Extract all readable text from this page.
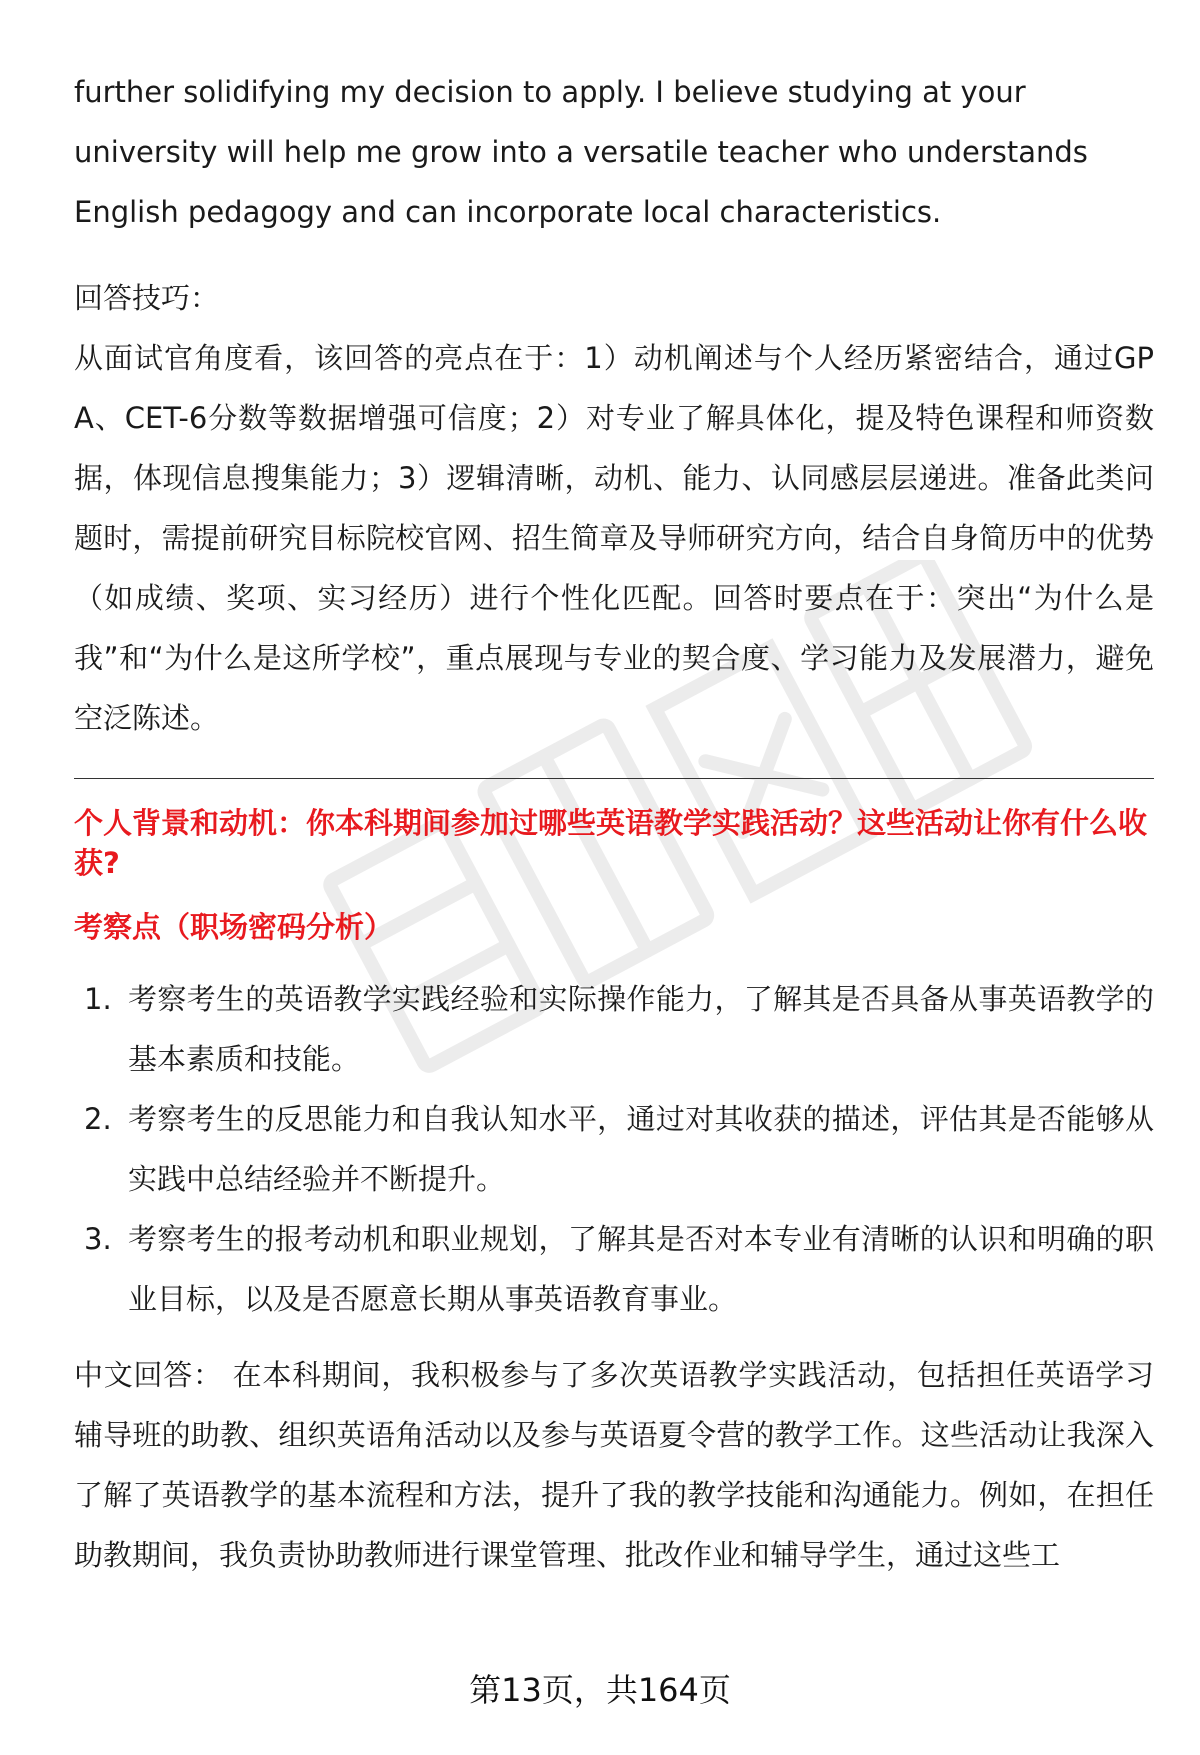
further solidifying my decision to apply. I believe studying at your university will help me grow into a versatile teacher who understands English pedagogy and can incorporate local characteristics.

回答技巧：

从面试官角度看，该回答的亮点在于：1）动机阐述与个人经历紧密结合，通过GPA、CET-6分数等数据增强可信度；2）对专业了解具体化，提及特色课程和师资数据，体现信息搜集能力；3）逻辑清晰，动机、能力、认同感层层递进。准备此类问题时，需提前研究目标院校官网、招生简章及导师研究方向，结合自身简历中的优势（如成绩、奖项、实习经历）进行个性化匹配。回答时要点在于：突出“为什么是我”和“为什么是这所学校”，重点展现与专业的契合度、学习能力及发展潜力，避免空泛陈述。

个人背景和动机：你本科期间参加过哪些英语教学实践活动？这些活动让你有什么收获?

考察点（职场密码分析）

1. 考察考生的英语教学实践经验和实际操作能力，了解其是否具备从事英语教学的基本素质和技能。
2. 考察考生的反思能力和自我认知水平，通过对其收获的描述，评估其是否能够从实践中总结经验并不断提升。
3. 考察考生的报考动机和职业规划，了解其是否对本专业有清晰的认识和明确的职业目标，以及是否愿意长期从事英语教育事业。

中文回答： 在本科期间，我积极参与了多次英语教学实践活动，包括担任英语学习辅导班的助教、组织英语角活动以及参与英语夏令营的教学工作。这些活动让我深入了解了英语教学的基本流程和方法，提升了我的教学技能和沟通能力。例如，在担任助教期间，我负责协助教师进行课堂管理、批改作业和辅导学生，通过这些工

第13页，共164页
